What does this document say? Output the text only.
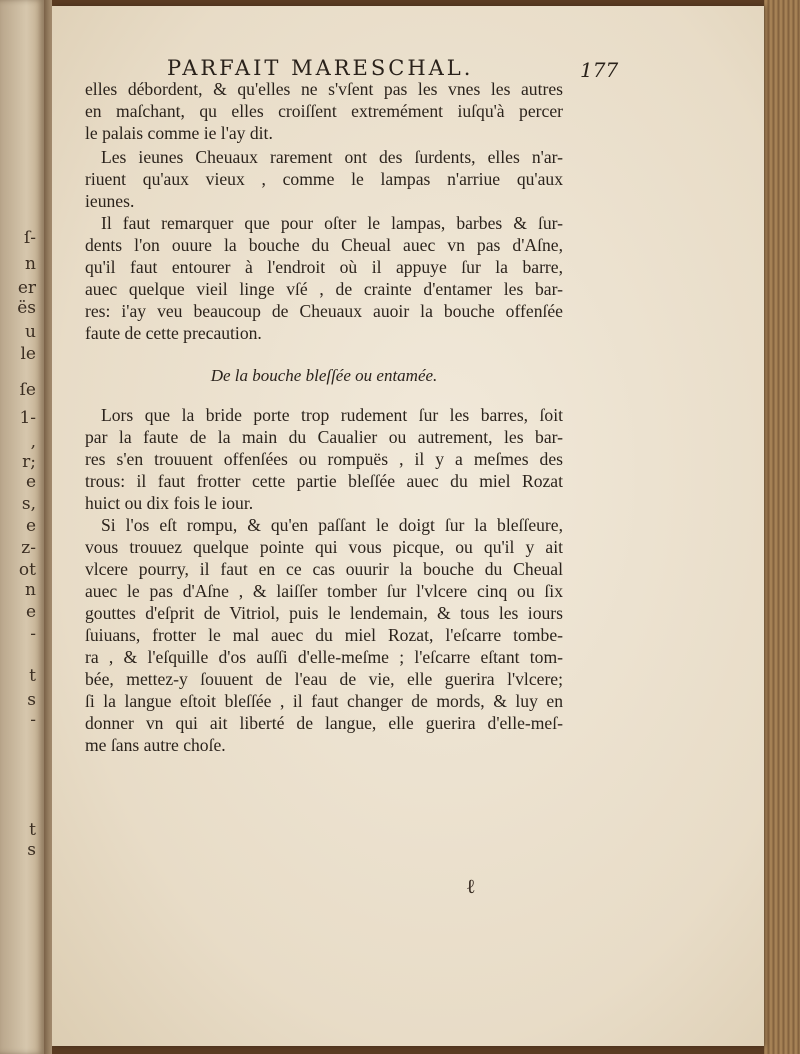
ſ-
n
er
ës
u
le
ſe
1-
,
r;
e
s,
e
z-
ot
n
e
-
t
s
-
t
s
PARFAIT MARESCHAL.	177
elles débordent, & qu'elles ne s'vſent pas les vnes les autres
en maſchant, qu elles croiſſent extremément iuſqu'à percer
le palais comme ie l'ay dit.
Les ieunes Cheuaux rarement ont des ſurdents, elles n'ar-
riuent qu'aux vieux , comme le lampas n'arriue qu'aux
ieunes.
Il faut remarquer que pour oſter le lampas, barbes & ſur-
dents l'on ouure la bouche du Cheual auec vn pas d'Aſne,
qu'il faut entourer à l'endroit où il appuye ſur la barre,
auec quelque vieil linge vſé , de crainte d'entamer les bar-
res: i'ay veu beaucoup de Cheuaux auoir la bouche offenſée
faute de cette precaution.
De la bouche bleſſée ou entamée.
Lors que la bride porte trop rudement ſur les barres, ſoit
par la faute de la main du Caualier ou autrement, les bar-
res s'en trouuent offenſées ou rompuës , il y a meſmes des
trous: il faut frotter cette partie bleſſée auec du miel Rozat
huict ou dix fois le iour.
Si l'os eſt rompu, & qu'en paſſant le doigt ſur la bleſſeure,
vous trouuez quelque pointe qui vous picque, ou qu'il y ait
vlcere pourry, il faut en ce cas ouurir la bouche du Cheual
auec le pas d'Aſne , & laiſſer tomber ſur l'vlcere cinq ou ſix
gouttes d'eſprit de Vitriol, puis le lendemain, & tous les iours
ſuiuans, frotter le mal auec du miel Rozat, l'eſcarre tombe-
ra , & l'eſquille d'os auſſi d'elle-meſme ; l'eſcarre eſtant tom-
bée, mettez-y ſouuent de l'eau de vie, elle guerira l'vlcere;
ſi la langue eſtoit bleſſée , il faut changer de mords, & luy en
donner vn qui ait liberté de langue, elle guerira d'elle-meſ-
me ſans autre choſe.
ℓ
